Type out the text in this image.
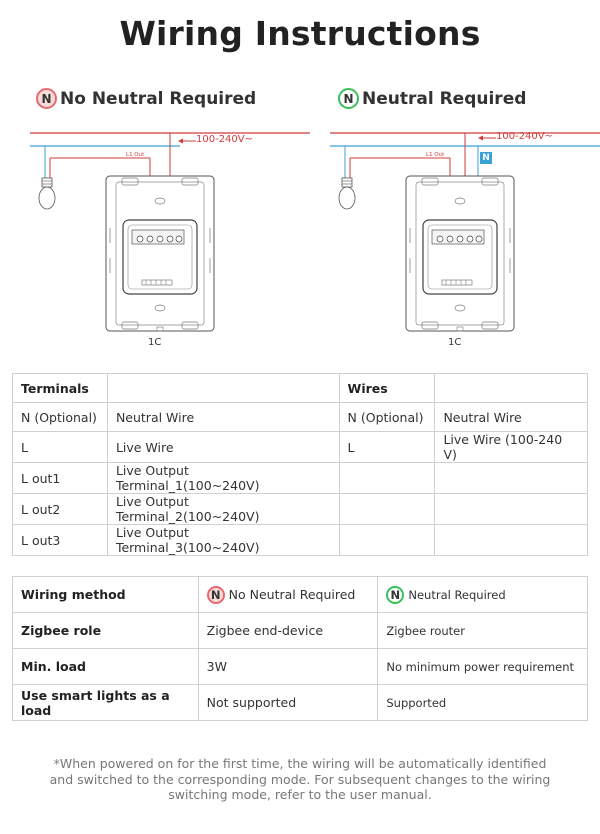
Wiring Instructions
N No Neutral Required	N Neutral Required
100-240V~
L1 Out
1C
100-240V~
L1 Out	N
1C
Terminals		Wires	
N (Optional)	Neutral Wire	N (Optional)	Neutral Wire
L	Live Wire	L	Live Wire (100-240 V)
L out1	Live Output Terminal_1(100~240V)		
L out2	Live Output Terminal_2(100~240V)		
L out3	Live Output Terminal_3(100~240V)		
Wiring method	N No Neutral Required	N Neutral Required

Zigbee role	Zigbee end-device	Zigbee router
Min. load	3W	No minimum power requirement
Use smart lights as a load	Not supported	Supported
*When powered on for the first time, the wiring will be automatically identified and switched to the corresponding mode. For subsequent changes to the wiring switching mode, refer to the user manual.
